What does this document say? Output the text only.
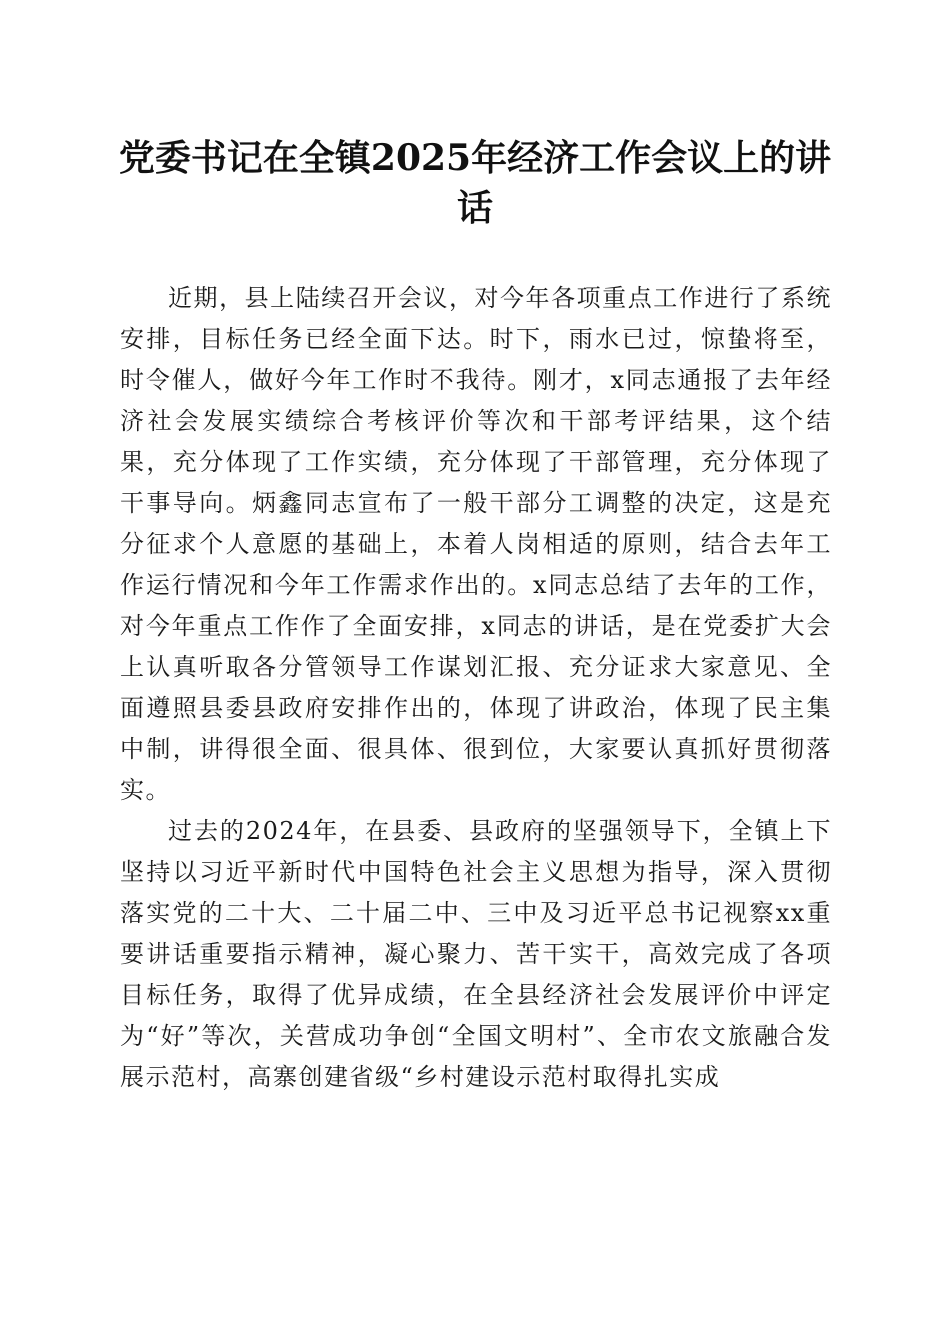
党委书记在全镇2025年经济工作会议上的讲话

近期，县上陆续召开会议，对今年各项重点工作进行了系统安排，目标任务已经全面下达。时下，雨水已过，惊蛰将至，时令催人，做好今年工作时不我待。刚才，x同志通报了去年经济社会发展实绩综合考核评价等次和干部考评结果，这个结果，充分体现了工作实绩，充分体现了干部管理，充分体现了干事导向。炳鑫同志宣布了一般干部分工调整的决定，这是充分征求个人意愿的基础上，本着人岗相适的原则，结合去年工作运行情况和今年工作需求作出的。x同志总结了去年的工作，对今年重点工作作了全面安排，x同志的讲话，是在党委扩大会上认真听取各分管领导工作谋划汇报、充分证求大家意见、全面遵照县委县政府安排作出的，体现了讲政治，体现了民主集中制，讲得很全面、很具体、很到位，大家要认真抓好贯彻落实。

过去的2024年，在县委、县政府的坚强领导下，全镇上下坚持以习近平新时代中国特色社会主义思想为指导，深入贯彻落实党的二十大、二十届二中、三中及习近平总书记视察xx重要讲话重要指示精神，凝心聚力、苦干实干，高效完成了各项目标任务，取得了优异成绩，在全县经济社会发展评价中评定为“好”等次，关营成功争创“全国文明村”、全市农文旅融合发展示范村，高寨创建省级“乡村建设示范村取得扎实成
